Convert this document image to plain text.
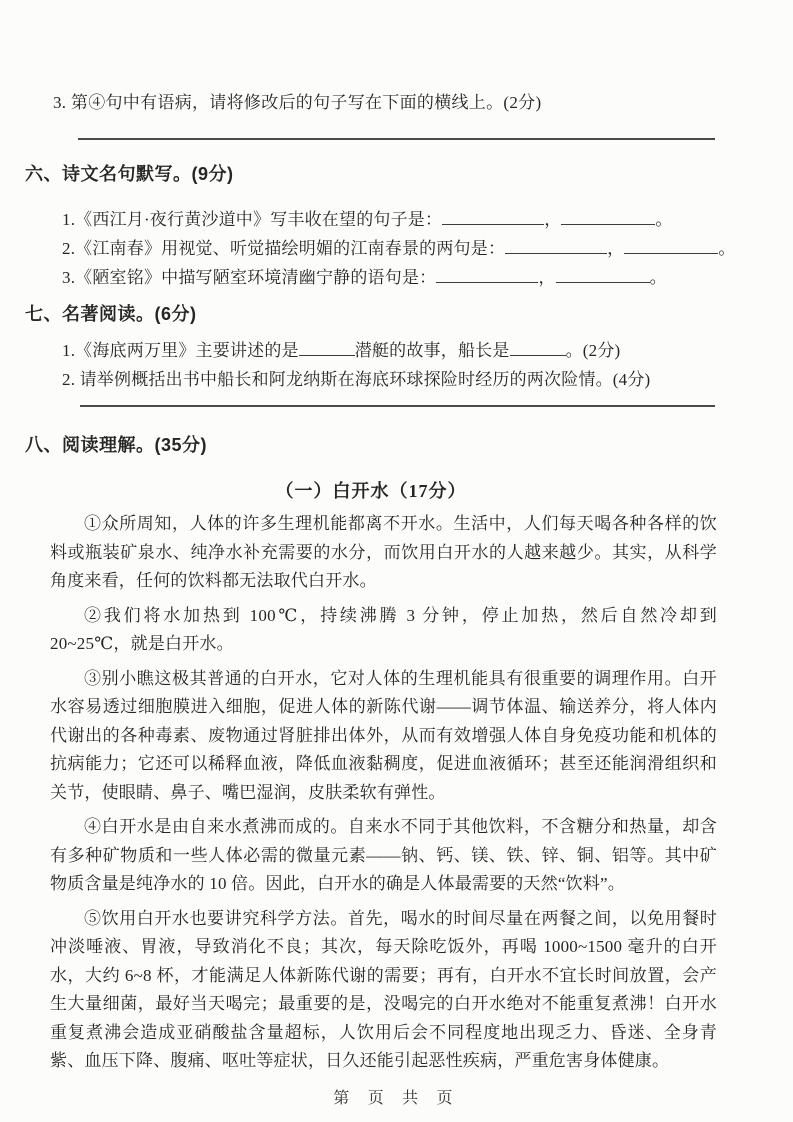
3. 第④句中有语病，请将修改后的句子写在下面的横线上。(2分)
六、诗文名句默写。(9分)
1.《西江月·夜行黄沙道中》写丰收在望的句子是：	，	。
2.《江南春》用视觉、听觉描绘明媚的江南春景的两句是：	，	。
3.《陋室铭》中描写陋室环境清幽宁静的语句是：	，	。
七、名著阅读。(6分)
1.《海底两万里》主要讲述的是	潜艇的故事，船长是	。(2分)
2. 请举例概括出书中船长和阿龙纳斯在海底环球探险时经历的两次险情。(4分)
八、阅读理解。(35分)
（一）白开水（17分）

①众所周知，人体的许多生理机能都离不开水。生活中，人们每天喝各种各样的饮料或瓶装矿泉水、纯净水补充需要的水分，而饮用白开水的人越来越少。其实，从科学角度来看，任何的饮料都无法取代白开水。

②我们将水加热到 100℃，持续沸腾 3 分钟，停止加热，然后自然冷却到 20~25℃，就是白开水。

③别小瞧这极其普通的白开水，它对人体的生理机能具有很重要的调理作用。白开水容易透过细胞膜进入细胞，促进人体的新陈代谢——调节体温、输送养分，将人体内代谢出的各种毒素、废物通过肾脏排出体外，从而有效增强人体自身免疫功能和机体的抗病能力；它还可以稀释血液，降低血液黏稠度，促进血液循环；甚至还能润滑组织和关节，使眼睛、鼻子、嘴巴湿润，皮肤柔软有弹性。

④白开水是由自来水煮沸而成的。自来水不同于其他饮料，不含糖分和热量，却含有多种矿物质和一些人体必需的微量元素——钠、钙、镁、铁、锌、铜、铝等。其中矿物质含量是纯净水的 10 倍。因此，白开水的确是人体最需要的天然“饮料”。

⑤饮用白开水也要讲究科学方法。首先，喝水的时间尽量在两餐之间，以免用餐时冲淡唾液、胃液，导致消化不良；其次，每天除吃饭外，再喝 1000~1500 毫升的白开水，大约 6~8 杯，才能满足人体新陈代谢的需要；再有，白开水不宜长时间放置，会产生大量细菌，最好当天喝完；最重要的是，没喝完的白开水绝对不能重复煮沸！白开水重复煮沸会造成亚硝酸盐含量超标，人饮用后会不同程度地出现乏力、昏迷、全身青紫、血压下降、腹痛、呕吐等症状，日久还能引起恶性疾病，严重危害身体健康。

第 页 共 页
